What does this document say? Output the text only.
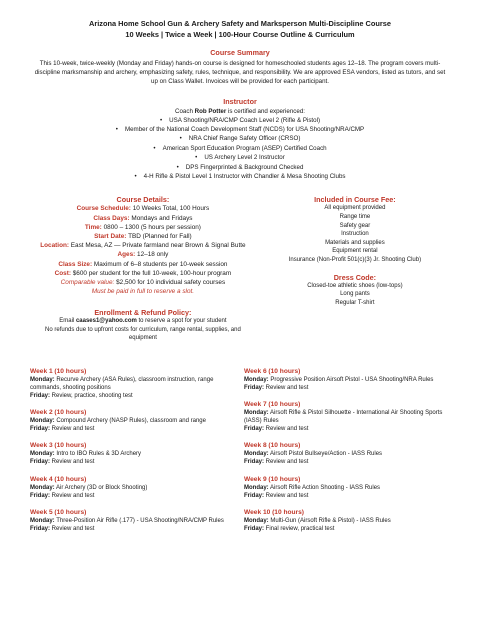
Arizona Home School Gun & Archery Safety and Marksperson Multi-Discipline Course
10 Weeks | Twice a Week | 100-Hour Course Outline & Curriculum
Course Summary
This 10-week, twice-weekly (Monday and Friday) hands-on course is designed for homeschooled students ages 12–18. The program covers multi-discipline marksmanship and archery, emphasizing safety, rules, technique, and responsibility. We are approved ESA vendors, listed as tutors, and set up on Class Wallet. Invoices will be provided for each participant.
Instructor
Coach Rob Potter is certified and experienced:
• USA Shooting/NRA/CMP Coach Level 2 (Rifle & Pistol)
• Member of the National Coach Development Staff (NCDS) for USA Shooting/NRA/CMP
• NRA Chief Range Safety Officer (CRSO)
• American Sport Education Program (ASEP) Certified Coach
• US Archery Level 2 Instructor
• DPS Fingerprinted & Background Checked
• 4-H Rifle & Pistol Level 1 Instructor with Chandler & Mesa Shooting Clubs
Course Details:
Course Schedule: 10 Weeks Total, 100 Hours
Class Days: Mondays and Fridays
Time: 0800 – 1300 (5 hours per session)
Start Date: TBD (Planned for Fall)
Location: East Mesa, AZ — Private farmland near Brown & Signal Butte
Ages: 12–18 only
Class Size: Maximum of 6–8 students per 10-week session
Cost: $600 per student for the full 10-week, 100-hour program
Comparable value: $2,500 for 10 individual safety courses
Must be paid in full to reserve a slot.
Enrollment & Refund Policy:
Email caases1@yahoo.com to reserve a spot for your student
No refunds due to upfront costs for curriculum, range rental, supplies, and equipment
Included in Course Fee:
All equipment provided
Range time
Safety gear
Instruction
Materials and supplies
Equipment rental
Insurance (Non-Profit 501(c)(3) Jr. Shooting Club)
Dress Code:
Closed-toe athletic shoes (low-tops)
Long pants
Regular T-shirt
Week 1 (10 hours)
Monday: Recurve Archery (ASA Rules), classroom instruction, range commands, shooting positions
Friday: Review, practice, shooting test
Week 2 (10 hours)
Monday: Compound Archery (NASP Rules), classroom and range
Friday: Review and test
Week 3 (10 hours)
Monday: Intro to IBO Rules & 3D Archery
Friday: Review and test
Week 4 (10 hours)
Monday: Air Archery (3D or Block Shooting)
Friday: Review and test
Week 5 (10 hours)
Monday: Three-Position Air Rifle (.177) - USA Shooting/NRA/CMP Rules
Friday: Review and test
Week 6 (10 hours)
Monday: Progressive Position Airsoft Pistol - USA Shooting/NRA Rules
Friday: Review and test
Week 7 (10 hours)
Monday: Airsoft Rifle & Pistol Silhouette - International Air Shooting Sports (IASS) Rules
Friday: Review and test
Week 8 (10 hours)
Monday: Airsoft Pistol Bullseye/Action - IASS Rules
Friday: Review and test
Week 9 (10 hours)
Monday: Airsoft Rifle Action Shooting - IASS Rules
Friday: Review and test
Week 10 (10 hours)
Monday: Multi-Gun (Airsoft Rifle & Pistol) - IASS Rules
Friday: Final review, practical test
